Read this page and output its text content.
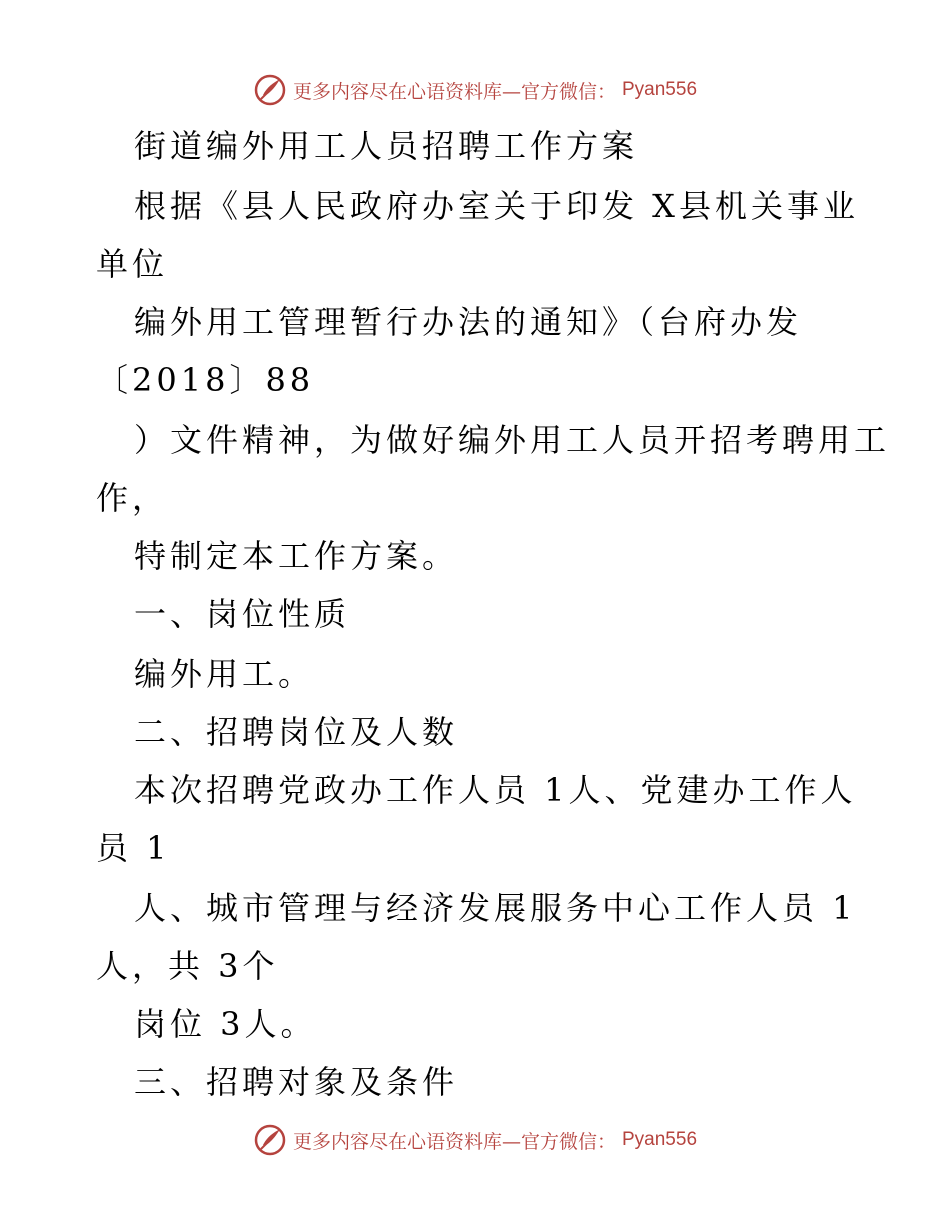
更多内容尽在心语资料库—官方微信： Pyan556
街道编外用工人员招聘工作方案
根据《县人民政府办室关于印发 X县机关事业
单位
编外用工管理暂行办法的通知》（台府办发
〔2018〕88
）文件精神，为做好编外用工人员开招考聘用工
作，
特制定本工作方案。
一、岗位性质
编外用工。
二、招聘岗位及人数
本次招聘党政办工作人员 1人、党建办工作人
员 1
人、城市管理与经济发展服务中心工作人员 1
人，共 3个
岗位 3人。
三、招聘对象及条件
更多内容尽在心语资料库—官方微信： Pyan556
